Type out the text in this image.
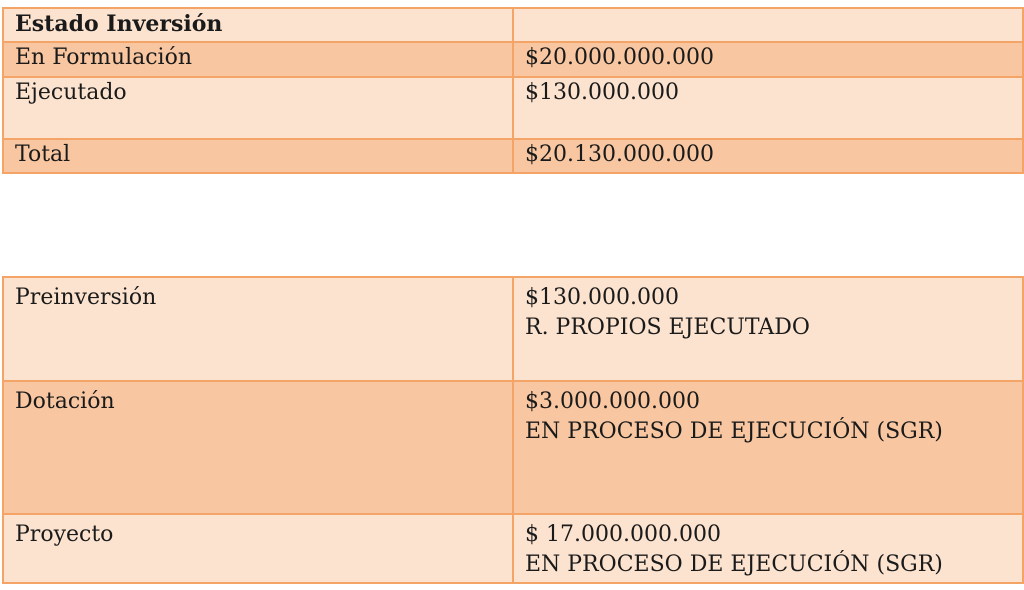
Estado Inversión	
En Formulación	$20.000.000.000
Ejecutado	$130.000.000
Total	$20.130.000.000
Preinversión	$130.000.000
R. PROPIOS EJECUTADO

Dotación	$3.000.000.000
EN PROCESO DE EJECUCIÓN (SGR)

Proyecto	$ 17.000.000.000
EN PROCESO DE EJECUCIÓN (SGR)
